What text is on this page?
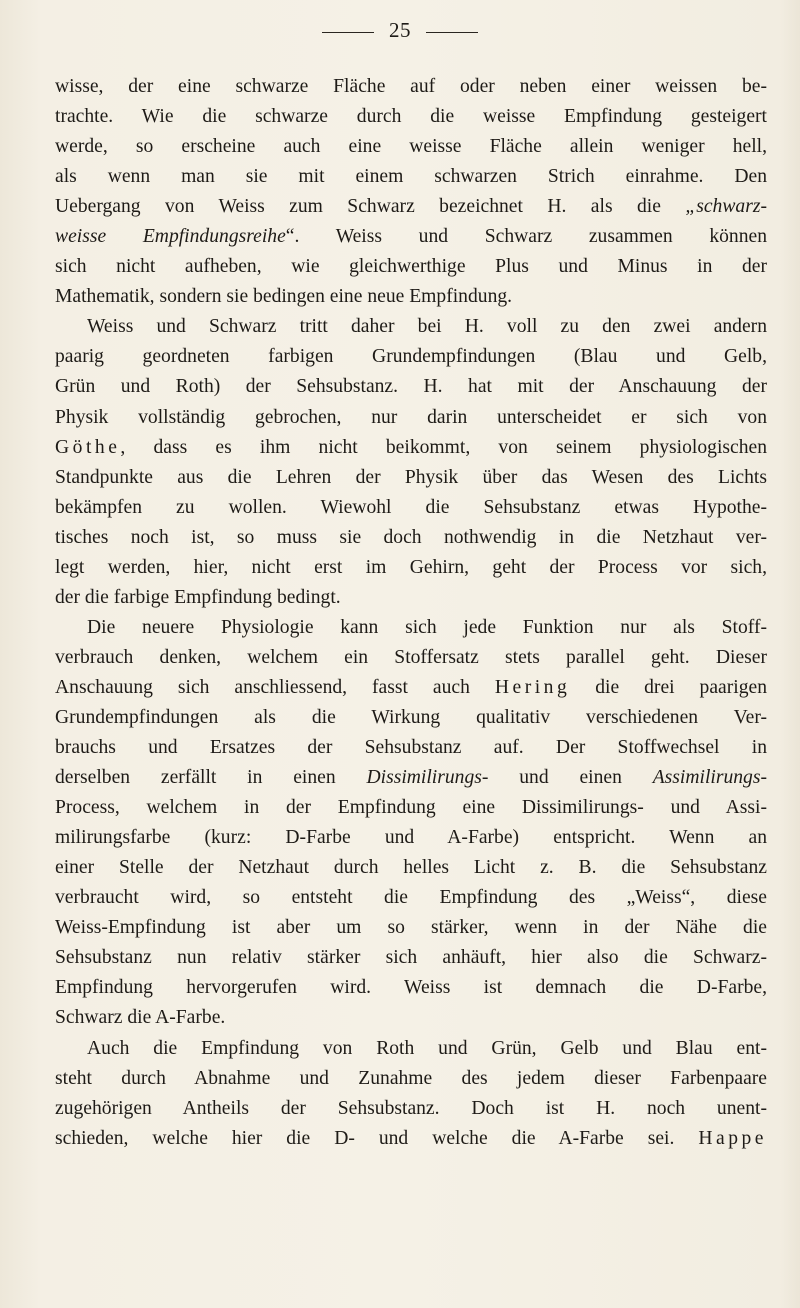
25
wisse, der eine schwarze Fläche auf oder neben einer weissen be-
trachte. Wie die schwarze durch die weisse Empfindung gesteigert
werde, so erscheine auch eine weisse Fläche allein weniger hell,
als wenn man sie mit einem schwarzen Strich einrahme. Den
Uebergang von Weiss zum Schwarz bezeichnet H. als die „schwarz-
weisse Empfindungsreihe“. Weiss und Schwarz zusammen können
sich nicht aufheben, wie gleichwerthige Plus und Minus in der
Mathematik, sondern sie bedingen eine neue Empfindung.
Weiss und Schwarz tritt daher bei H. voll zu den zwei andern
paarig geordneten farbigen Grundempfindungen (Blau und Gelb,
Grün und Roth) der Sehsubstanz. H. hat mit der Anschauung der
Physik vollständig gebrochen, nur darin unterscheidet er sich von
Göthe, dass es ihm nicht beikommt, von seinem physiologischen
Standpunkte aus die Lehren der Physik über das Wesen des Lichts
bekämpfen zu wollen. Wiewohl die Sehsubstanz etwas Hypothe-
tisches noch ist, so muss sie doch nothwendig in die Netzhaut ver-
legt werden, hier, nicht erst im Gehirn, geht der Process vor sich,
der die farbige Empfindung bedingt.
Die neuere Physiologie kann sich jede Funktion nur als Stoff-
verbrauch denken, welchem ein Stoffersatz stets parallel geht. Dieser
Anschauung sich anschliessend, fasst auch Hering die drei paarigen
Grundempfindungen als die Wirkung qualitativ verschiedenen Ver-
brauchs und Ersatzes der Sehsubstanz auf. Der Stoffwechsel in
derselben zerfällt in einen Dissimilirungs- und einen Assimilirungs-
Process, welchem in der Empfindung eine Dissimilirungs- und Assi-
milirungsfarbe (kurz: D-Farbe und A-Farbe) entspricht. Wenn an
einer Stelle der Netzhaut durch helles Licht z. B. die Sehsubstanz
verbraucht wird, so entsteht die Empfindung des „Weiss“, diese
Weiss-Empfindung ist aber um so stärker, wenn in der Nähe die
Sehsubstanz nun relativ stärker sich anhäuft, hier also die Schwarz-
Empfindung hervorgerufen wird. Weiss ist demnach die D-Farbe,
Schwarz die A-Farbe.
Auch die Empfindung von Roth und Grün, Gelb und Blau ent-
steht durch Abnahme und Zunahme des jedem dieser Farbenpaare
zugehörigen Antheils der Sehsubstanz. Doch ist H. noch unent-
schieden, welche hier die D- und welche die A-Farbe sei. Happe
